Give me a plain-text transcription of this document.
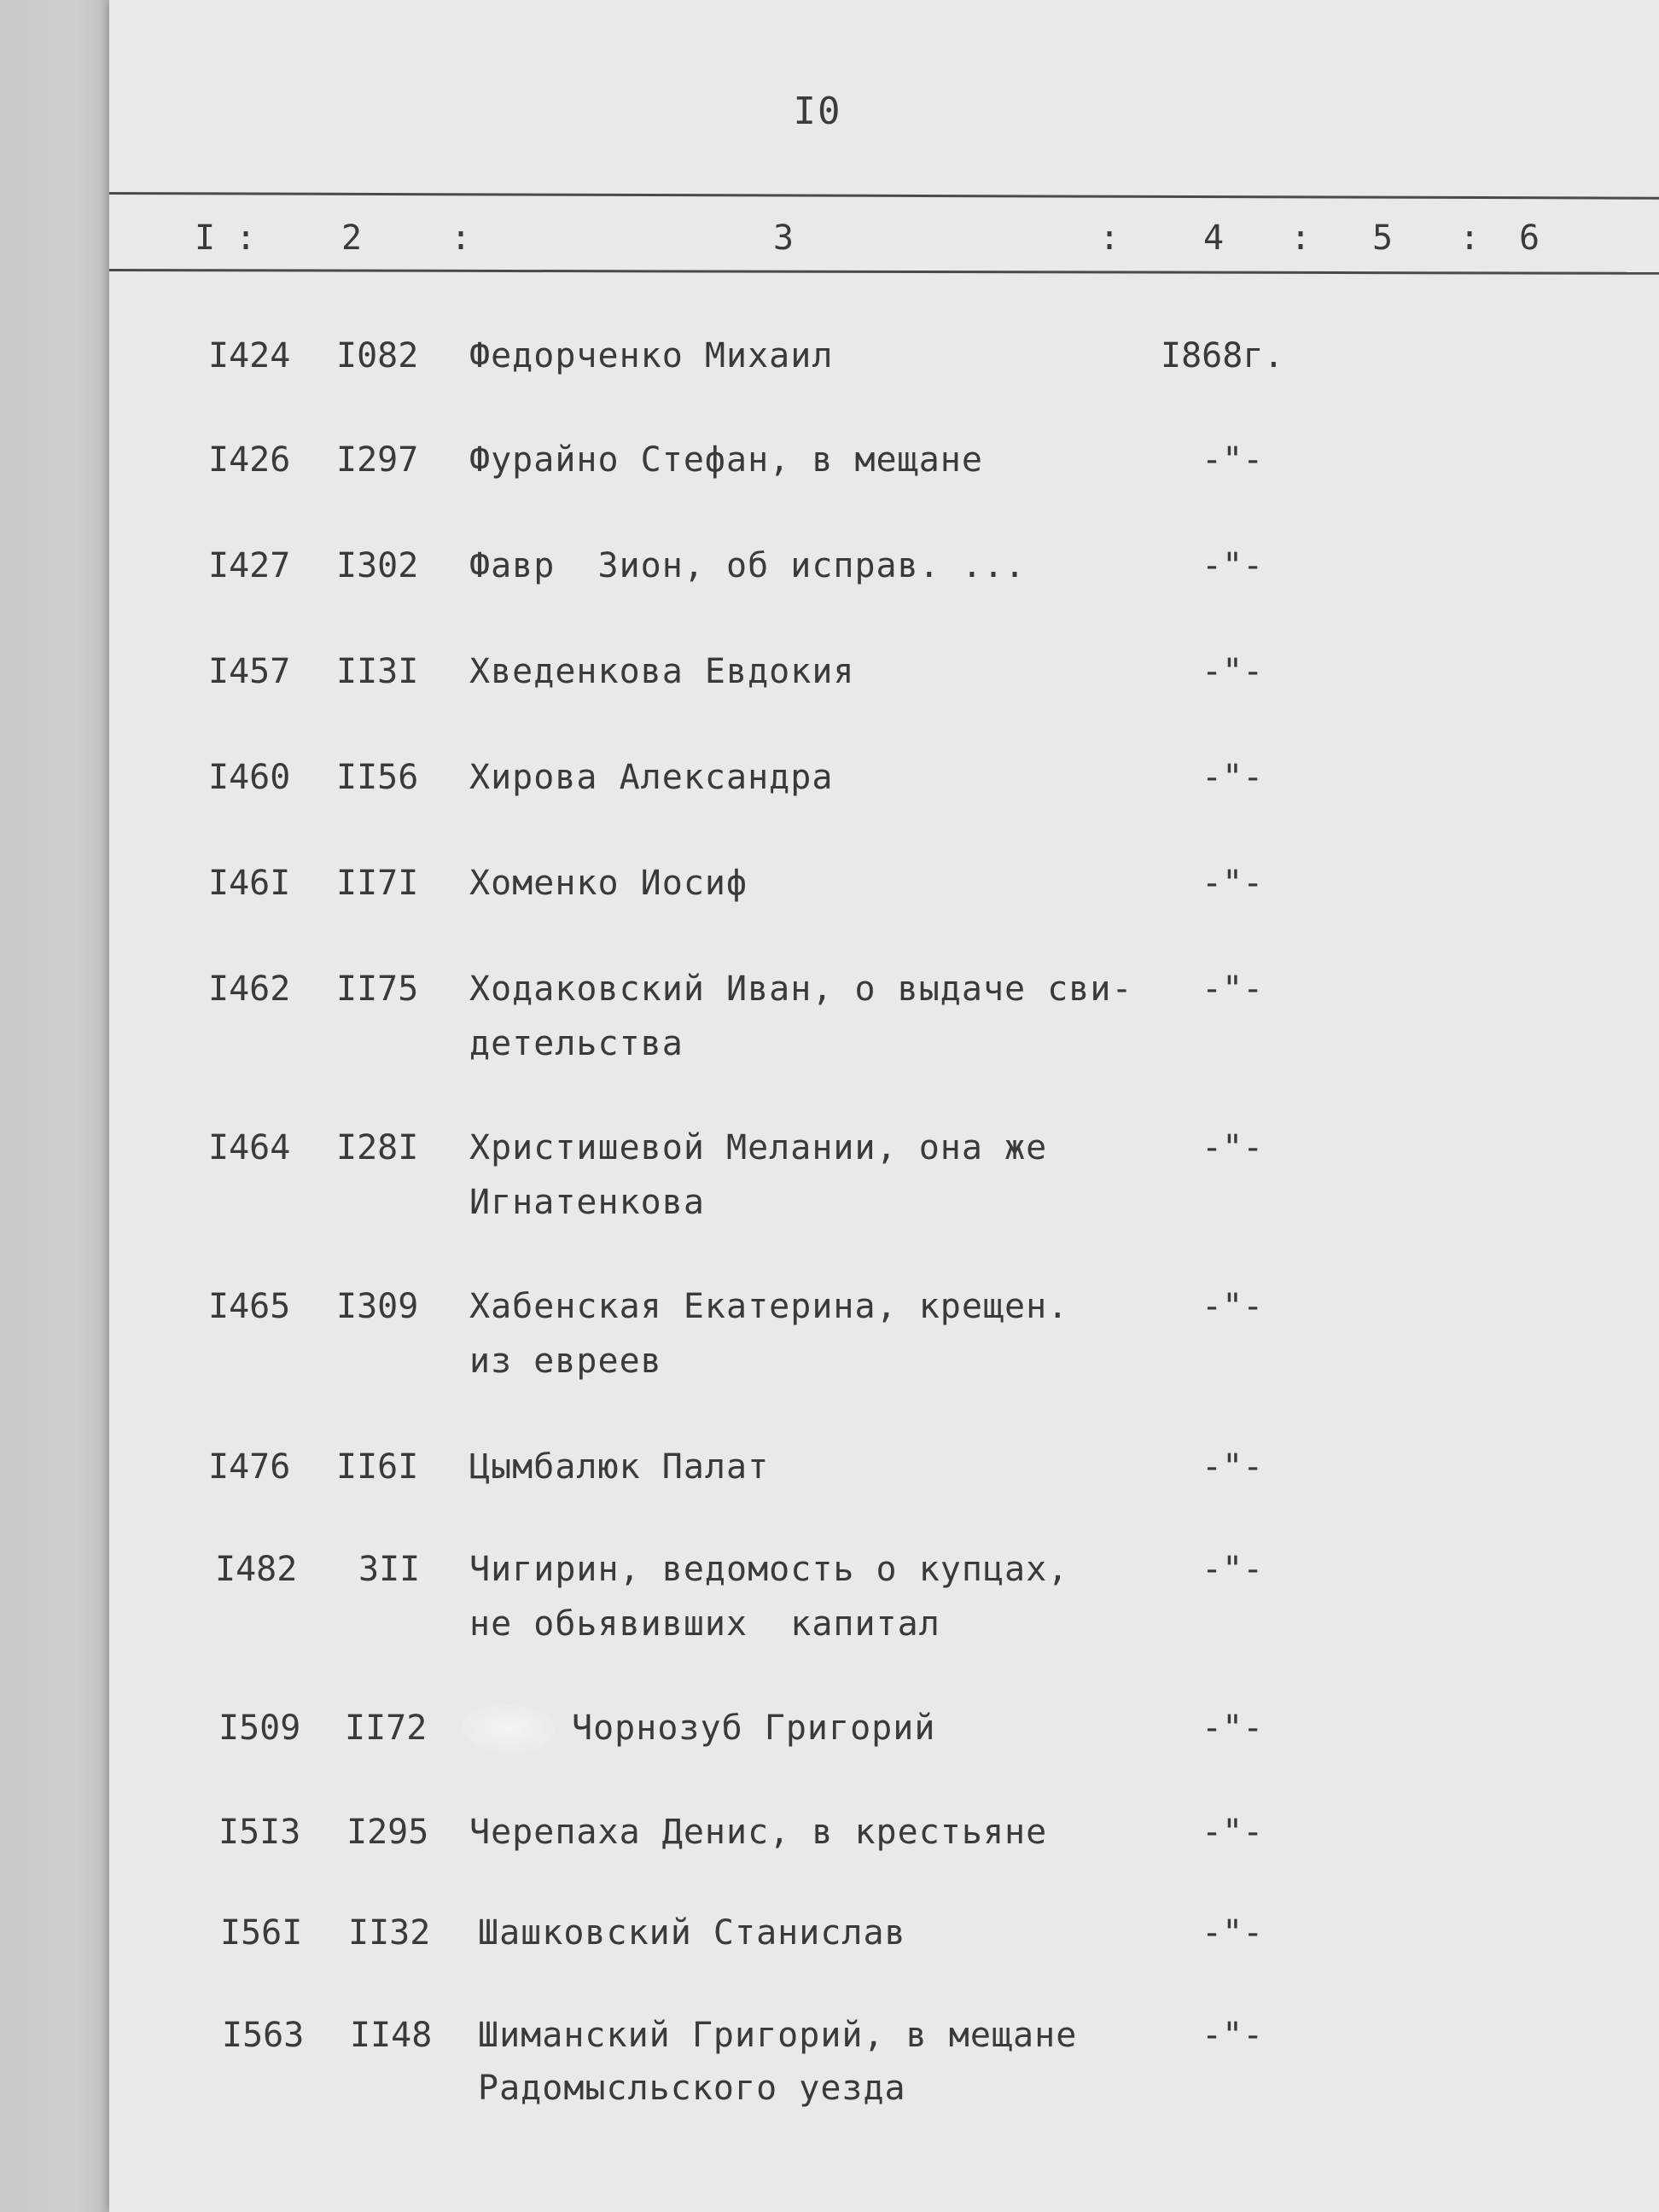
I0
I : 2	:	3	: 4 : 5 : 6
I424	I082	Федорченко Михаил	I868г.
I426	I297	Фурайно Стефан, в мещане	-"-
I427	I302	Фавр  Зион, об исправ. ...	-"-
I457	II3I	Хведенкова Евдокия	-"-
I460	II56	Хирова Александра	-"-
I46I	II7I	Хоменко Иосиф	-"-
I462	II75	Ходаковский Иван, о выдаче сви-	-"-
детельства
I464	I28I	Христишевой Мелании, она же	-"-
Игнатенкова
I465	I309	Хабенская Екатерина, крещен.	-"-
из евреев
I476	II6I	Цымбалюк Палат	-"-
I482	3II	Чигирин, ведомость о купцах,	-"-
не обьявивших  капитал
I509	II72	Чорнозуб Григорий	-"-
I5I3	I295	Черепаха Денис, в крестьяне	-"-
I56I	II32	Шашковский Станислав	-"-
I563	II48	Шиманский Григорий, в мещане	-"-
Радомысльского уезда
